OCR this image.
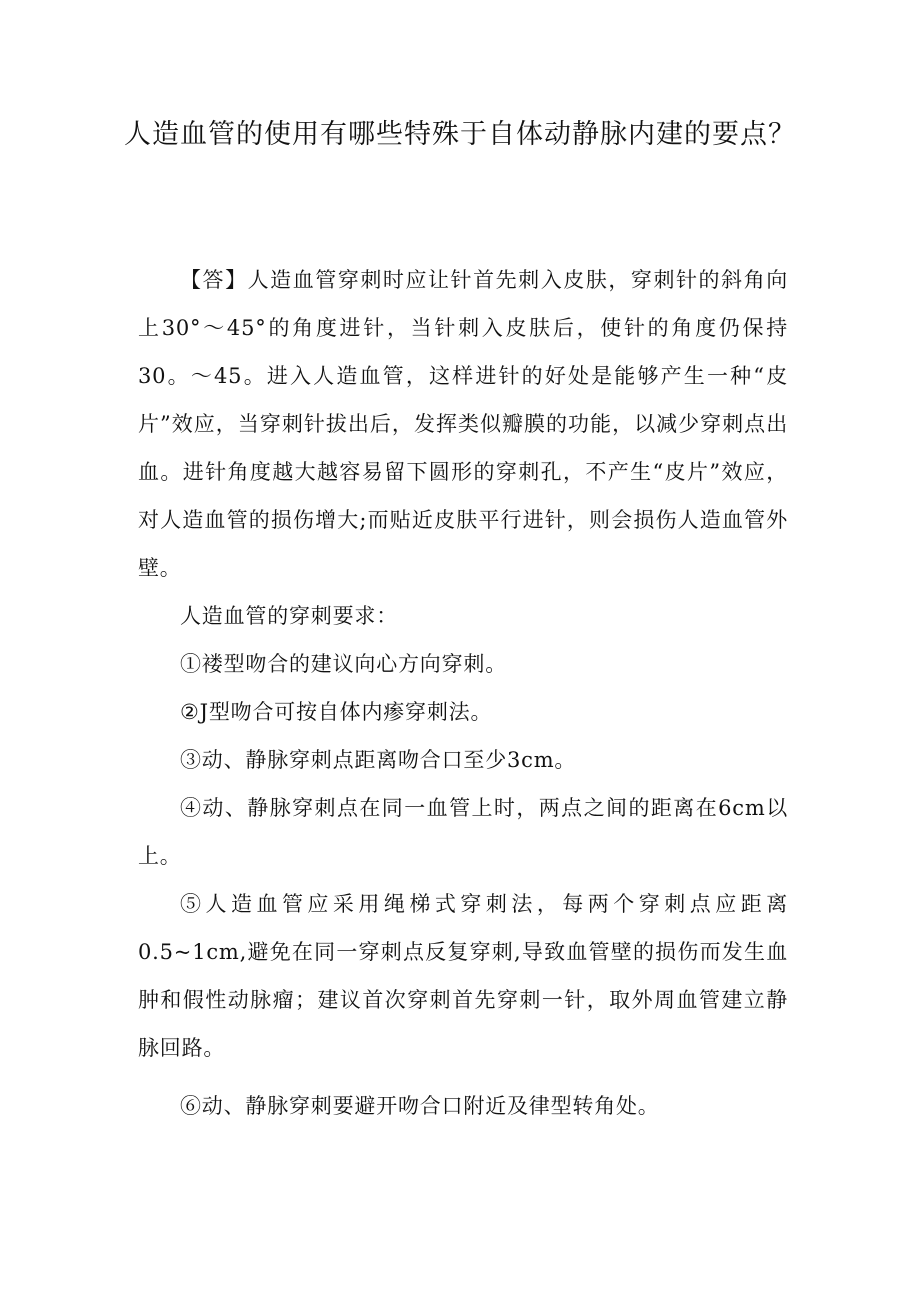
人造血管的使用有哪些特殊于自体动静脉内建的要点？

【答】人造血管穿刺时应让针首先刺入皮肤，穿刺针的斜角向上30°～45°的角度进针，当针刺入皮肤后，使针的角度仍保持30。～45。进入人造血管，这样进针的好处是能够产生一种“皮片”效应，当穿刺针拔出后，发挥类似瓣膜的功能，以减少穿刺点出血。进针角度越大越容易留下圆形的穿刺孔，不产生“皮片”效应，对人造血管的损伤增大;而贴近皮肤平行进针，则会损伤人造血管外壁。

人造血管的穿刺要求：

①褛型吻合的建议向心方向穿刺。

②J型吻合可按自体内瘆穿刺法。

③动、静脉穿刺点距离吻合口至少3cm。

④动、静脉穿刺点在同一血管上时，两点之间的距离在6cm以上。

⑤人造血管应采用绳梯式穿刺法，每两个穿刺点应距离0.5~1cm,避免在同一穿刺点反复穿刺,导致血管壁的损伤而发生血肿和假性动脉瘤；建议首次穿刺首先穿刺一针，取外周血管建立静脉回路。

⑥动、静脉穿刺要避开吻合口附近及律型转角处。
